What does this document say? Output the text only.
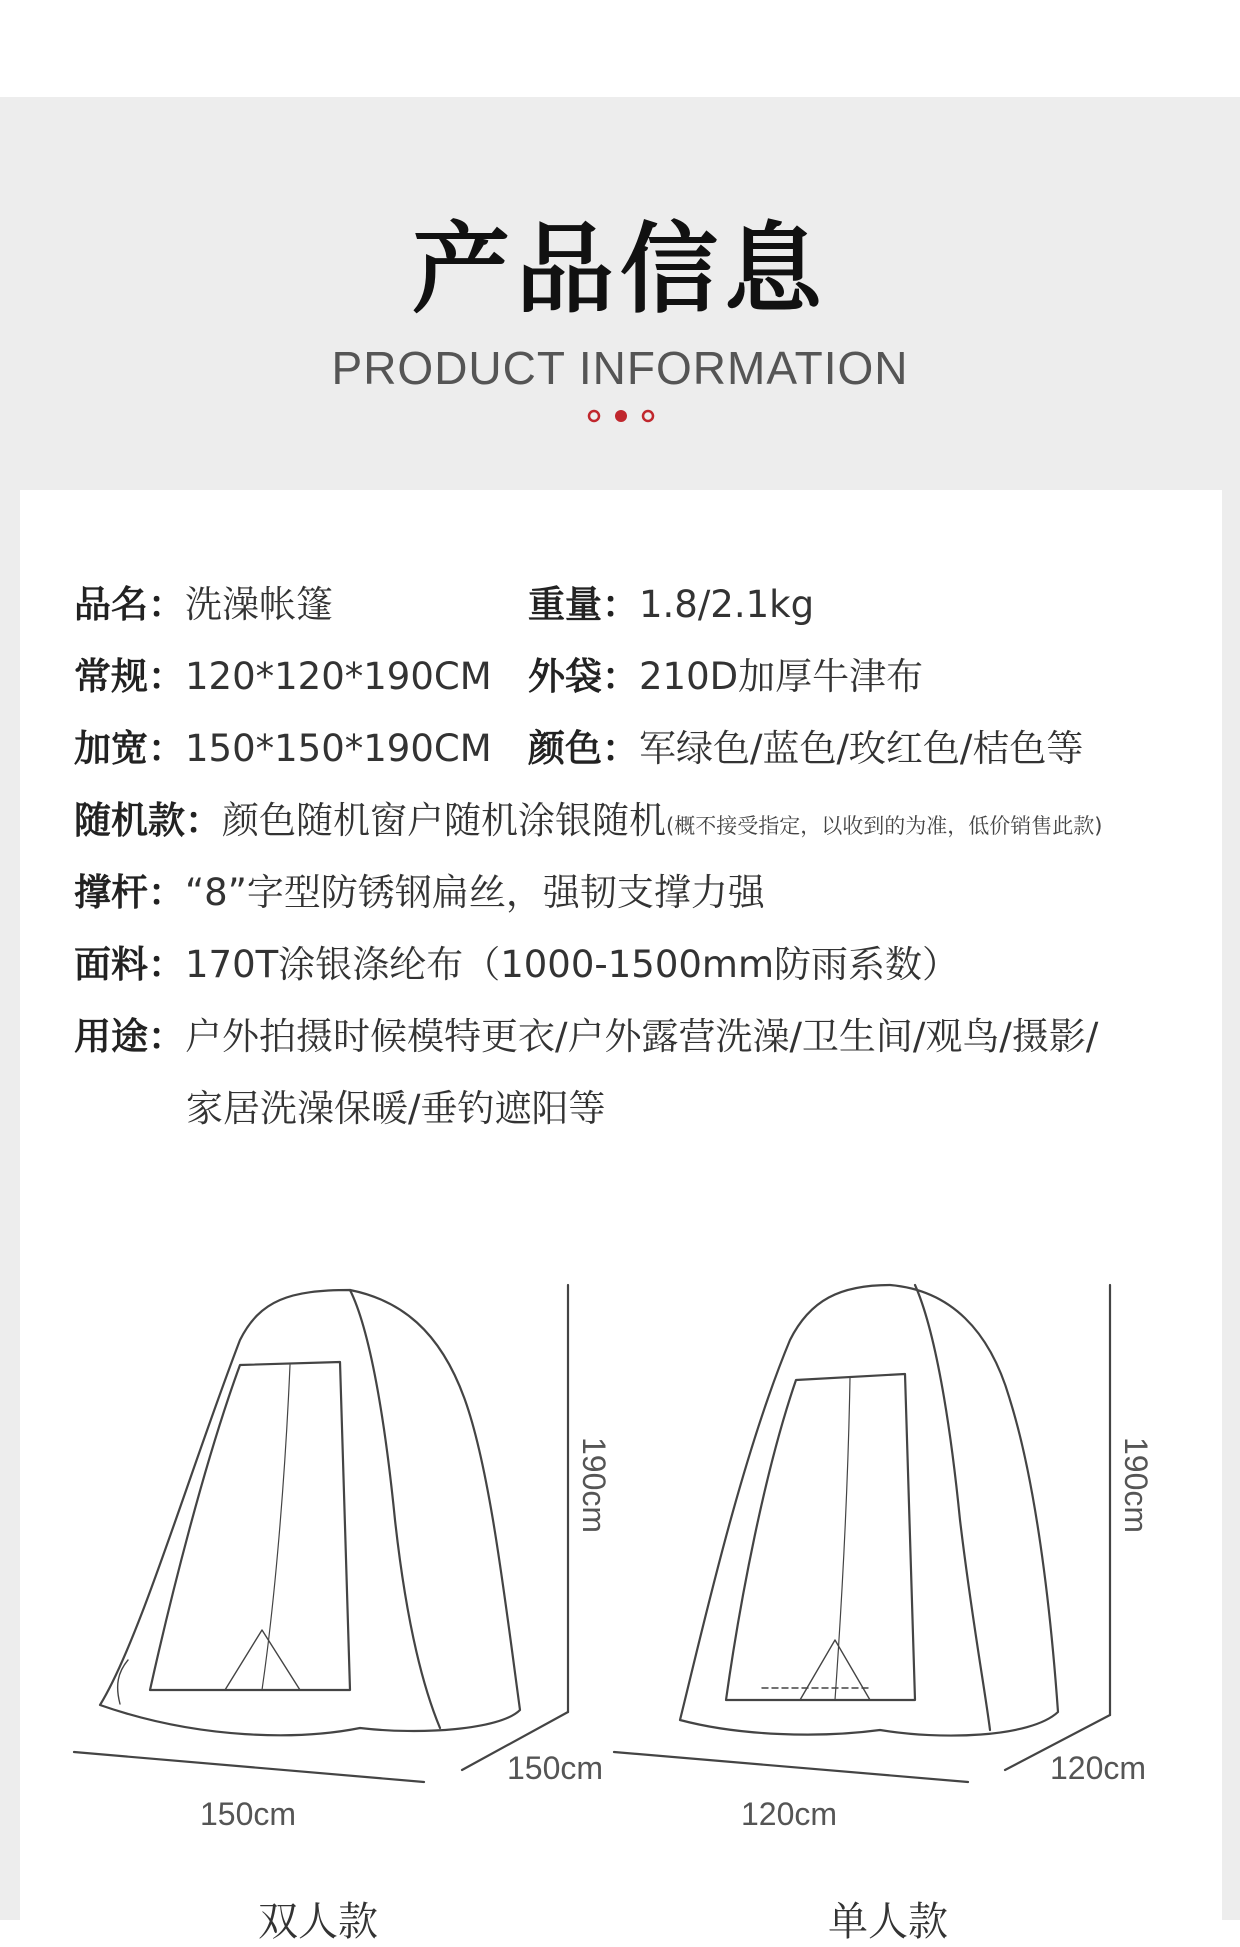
产品信息
PRODUCT INFORMATION
品名：洗澡帐篷	重量：1.8/2.1kg
常规：120*120*190CM 外袋：210D加厚牛津布
加宽：150*150*190CM 颜色：军绿色/蓝色/玫红色/桔色等
随机款：颜色随机窗户随机涂银随机(概不接受指定，以收到的为准，低价销售此款)
撑杆：“8”字型防锈钢扁丝，强韧支撑力强
面料：170T涂银涤纶布（1000-1500mm防雨系数）
用途：户外拍摄时候模特更衣/户外露营洗澡/卫生间/观鸟/摄影/
家居洗澡保暖/垂钓遮阳等
190cm
150cm
150cm
190cm
120cm
120cm
双人款	单人款
